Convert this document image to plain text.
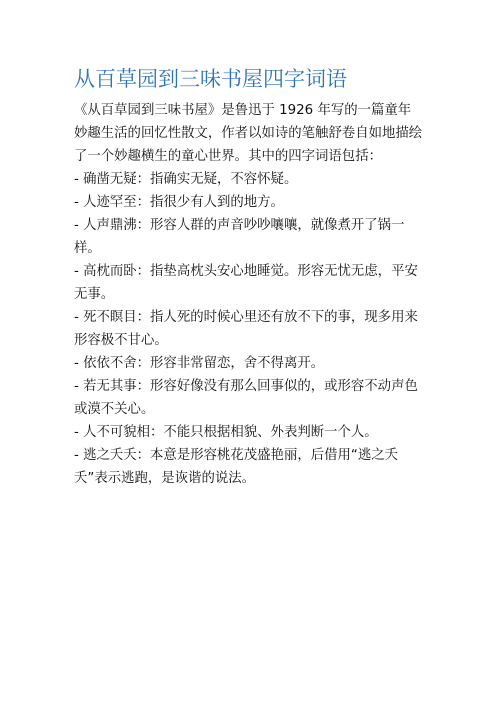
从百草园到三味书屋四字词语

《从百草园到三味书屋》是鲁迅于 1926 年写的一篇童年妙趣生活的回忆性散文，作者以如诗的笔触舒卷自如地描绘了一个妙趣横生的童心世界。其中的四字词语包括：

- 确凿无疑：指确实无疑，不容怀疑。
- 人迹罕至：指很少有人到的地方。
- 人声鼎沸：形容人群的声音吵吵嚷嚷，就像煮开了锅一样。
- 高枕而卧：指垫高枕头安心地睡觉。形容无忧无虑，平安无事。
- 死不瞑目：指人死的时候心里还有放不下的事，现多用来形容极不甘心。
- 依依不舍：形容非常留恋，舍不得离开。
- 若无其事：形容好像没有那么回事似的，或形容不动声色或漠不关心。
- 人不可貌相：不能只根据相貌、外表判断一个人。
- 逃之夭夭：本意是形容桃花茂盛艳丽，后借用“逃之夭夭”表示逃跑，是诙谐的说法。
